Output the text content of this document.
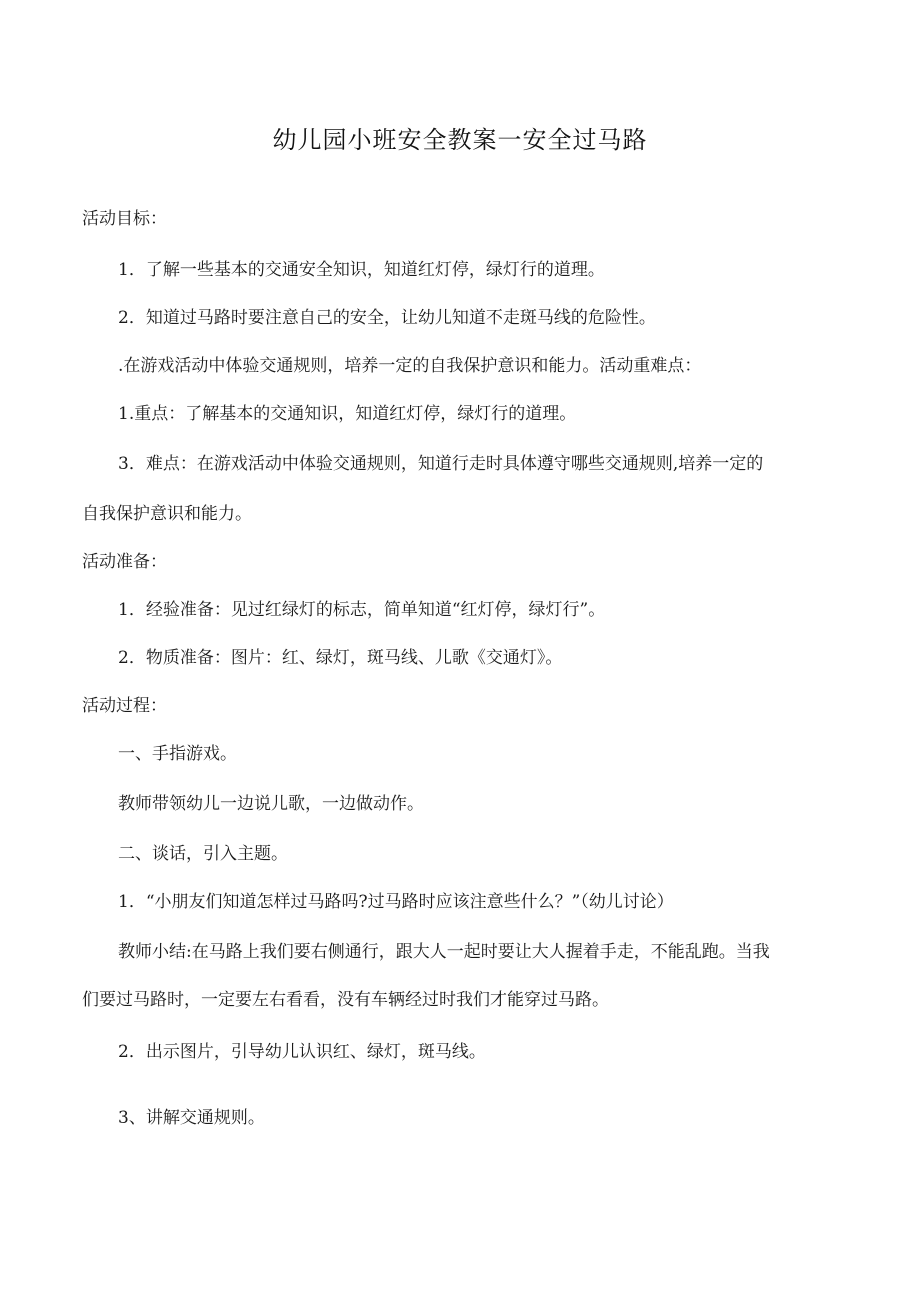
幼儿园小班安全教案一安全过马路
活动目标：
1．了解一些基本的交通安全知识，知道红灯停，绿灯行的道理。
2．知道过马路时要注意自己的安全，让幼儿知道不走斑马线的危险性。
.在游戏活动中体验交通规则，培养一定的自我保护意识和能力。活动重难点：
1.重点：了解基本的交通知识，知道红灯停，绿灯行的道理。
3．难点：在游戏活动中体验交通规则，知道行走时具体遵守哪些交通规则,培养一定的
自我保护意识和能力。
活动准备：
1．经验准备：见过红绿灯的标志，简单知道“红灯停，绿灯行”。
2．物质准备：图片：红、绿灯，斑马线、儿歌《交通灯》。
活动过程：
一、手指游戏。
教师带领幼儿一边说儿歌，一边做动作。
二、谈话，引入主题。
1．“小朋友们知道怎样过马路吗?过马路时应该注意些什么？”（幼儿讨论）
教师小结:在马路上我们要右侧通行，跟大人一起时要让大人握着手走，不能乱跑。当我
们要过马路时，一定要左右看看，没有车辆经过时我们才能穿过马路。
2．出示图片，引导幼儿认识红、绿灯，斑马线。
3、讲解交通规则。
